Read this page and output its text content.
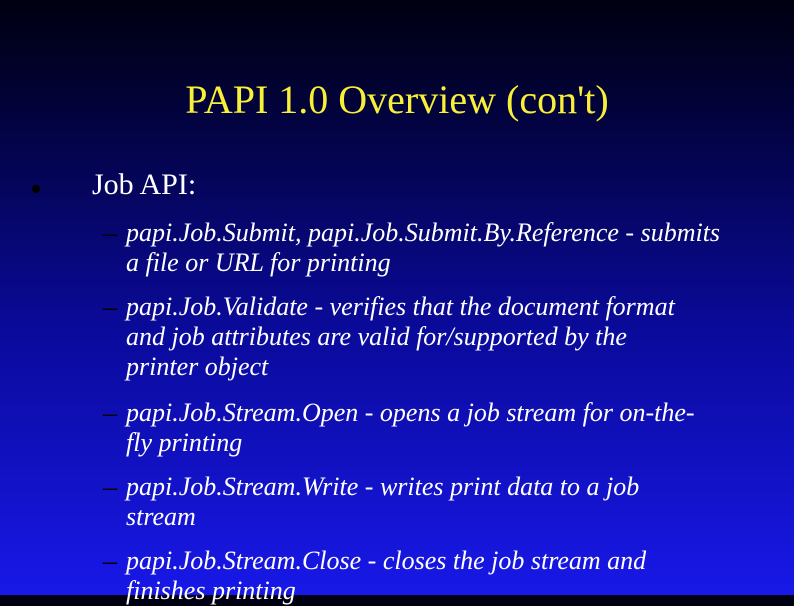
PAPI 1.0 Overview (con't)
Job API:
– papi.Job.Submit, papi.Job.Submit.By.Reference - submits
a file or URL for printing
– papi.Job.Validate - verifies that the document format
and job attributes are valid for/supported by the
printer object
– papi.Job.Stream.Open - opens a job stream for on-the-
fly printing
– papi.Job.Stream.Write - writes print data to a job
stream
– papi.Job.Stream.Close - closes the job stream and
finishes printing
